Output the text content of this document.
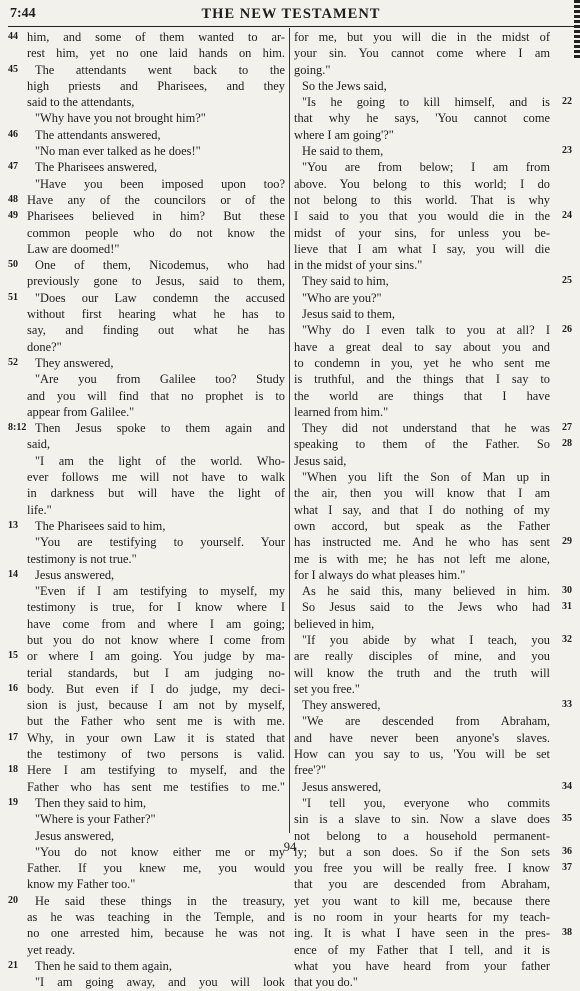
THE NEW TESTAMENT
7:44
44 him, and some of them wanted to ar-
rest him, yet no one laid hands on him.
45	The attendants went back to the
high priests and Pharisees, and they
said to the attendants,
"Why have you not brought him?"
46	The attendants answered,
"No man ever talked as he does!"
47	The Pharisees answered,
"Have you been imposed upon too?
48 Have any of the councilors or of the
49 Pharisees believed in him? But these
common people who do not know the
Law are doomed!"
50	One of them, Nicodemus, who had
previously gone to Jesus, said to them,
51	"Does our Law condemn the accused
without first hearing what he has to
say, and finding out what he has
done?"
52	They answered,
"Are you from Galilee too? Study
and you will find that no prophet is to
appear from Galilee."
8:12 Then Jesus spoke to them again and
said,
"I am the light of the world. Who-
ever follows me will not have to walk
in darkness but will have the light of
life."
13	The Pharisees said to him,
"You are testifying to yourself. Your
testimony is not true."
14	Jesus answered,
"Even if I am testifying to myself, my
testimony is true, for I know where I
have come from and where I am going;
but you do not know where I come from
15 or where I am going. You judge by ma-
terial standards, but I am judging no-
16 body. But even if I do judge, my deci-
sion is just, because I am not by myself,
but the Father who sent me is with me.
17 Why, in your own Law it is stated that
the testimony of two persons is valid.
18 Here I am testifying to myself, and the
Father who has sent me testifies to me."
19	Then they said to him,
"Where is your Father?"
Jesus answered,
"You do not know either me or my
Father. If you knew me, you would
know my Father too."
20	He said these things in the treasury,
as he was teaching in the Temple, and
no one arrested him, because he was not
yet ready.
21	Then he said to them again,
"I am going away, and you will look
for me, but you will die in the midst of
your sin. You cannot come where I am
going."
So the Jews said,
22
"Is he going to kill himself, and is
that why he says, 'You cannot come
where I am going'?"
23
He said to them,
"You are from below; I am from
above. You belong to this world; I do
not belong to this world. That is why
24
I said to you that you would die in the
midst of your sins, for unless you be-
lieve that I am what I say, you will die
in the midst of your sins."
25
They said to him,
"Who are you?"
Jesus said to them,
26
"Why do I even talk to you at all? I
have a great deal to say about you and
to condemn in you, yet he who sent me
is truthful, and the things that I say to
the world are things that I have
learned from him."
27
They did not understand that he was
28
speaking to them of the Father. So
Jesus said,
"When you lift the Son of Man up in
the air, then you will know that I am
what I say, and that I do nothing of my
own accord, but speak as the Father
29
has instructed me. And he who has sent
me is with me; he has not left me alone,
for I always do what pleases him."
30
As he said this, many believed in him.
31
So Jesus said to the Jews who had
believed in him,
32
"If you abide by what I teach, you
are really disciples of mine, and you
will know the truth and the truth will
set you free."
33
They answered,
"We are descended from Abraham,
and have never been anyone's slaves.
How can you say to us, 'You will be set
free'?"
34
Jesus answered,
"I tell you, everyone who commits
35
sin is a slave to sin. Now a slave does
not belong to a household permanent-
36
ly; but a son does. So if the Son sets
37
you free you will be really free. I know
that you are descended from Abraham,
yet you want to kill me, because there
is no room in your hearts for my teach-
38
ing. It is what I have seen in the pres-
ence of my Father that I tell, and it is
what you have heard from your father
that you do."
94
